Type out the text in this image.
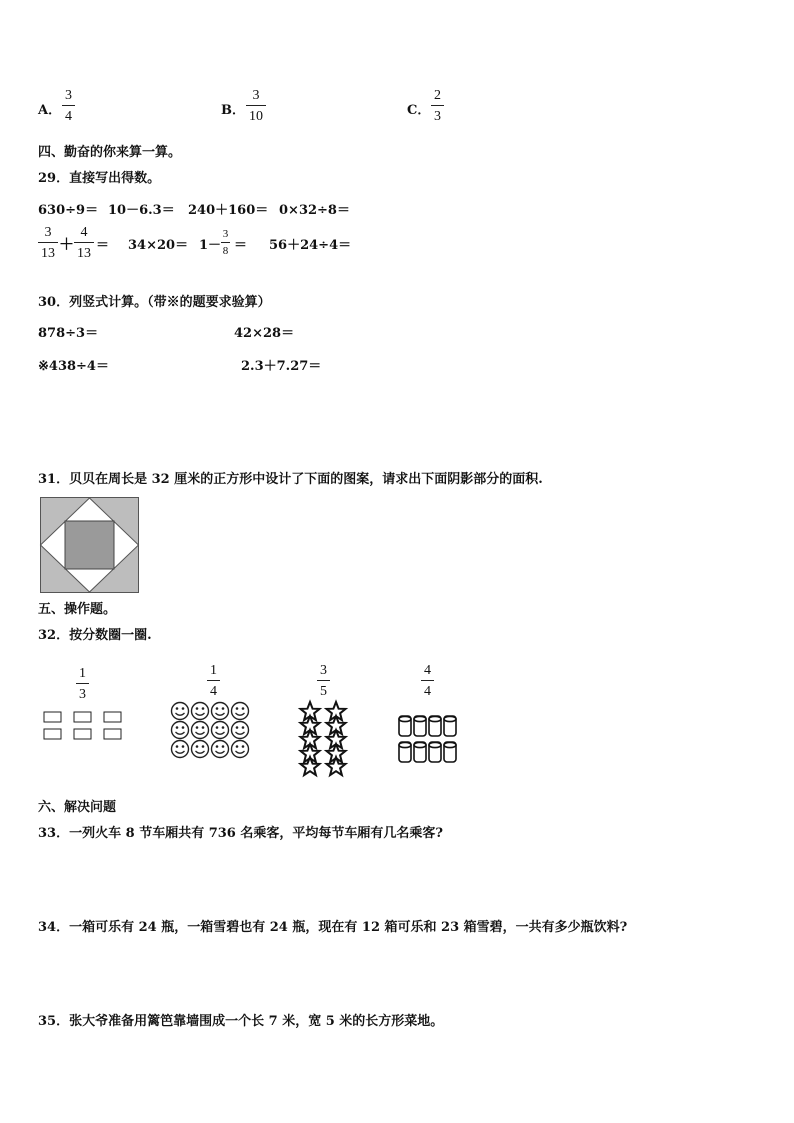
A．
3
4	B．
3
10	C．
2
3
四、勤奋的你来算一算。
29．直接写出得数。
630÷9＝ 10－6.3＝ 240＋160＝ 0×32÷8＝
3
13
＋
4
13
＝ 34×20＝ 1－
3
8 ＝ 56＋24÷4＝
30．列竖式计算。（带※的题要求验算）
878÷3＝	42×28＝
※438÷4＝	2.3＋7.27＝
31．贝贝在周长是 32 厘米的正方形中设计了下面的图案，请求出下面阴影部分的面积.
五、操作题。
32．按分数圈一圈.
1
3
1
4
3
5
4
4
六、解决问题
33．一列火车 8 节车厢共有 736 名乘客，平均每节车厢有几名乘客?
34．一箱可乐有 24 瓶，一箱雪碧也有 24 瓶，现在有 12 箱可乐和 23 箱雪碧，一共有多少瓶饮料?
35．张大爷准备用篱笆靠墙围成一个长 7 米，宽 5 米的长方形菜地。
